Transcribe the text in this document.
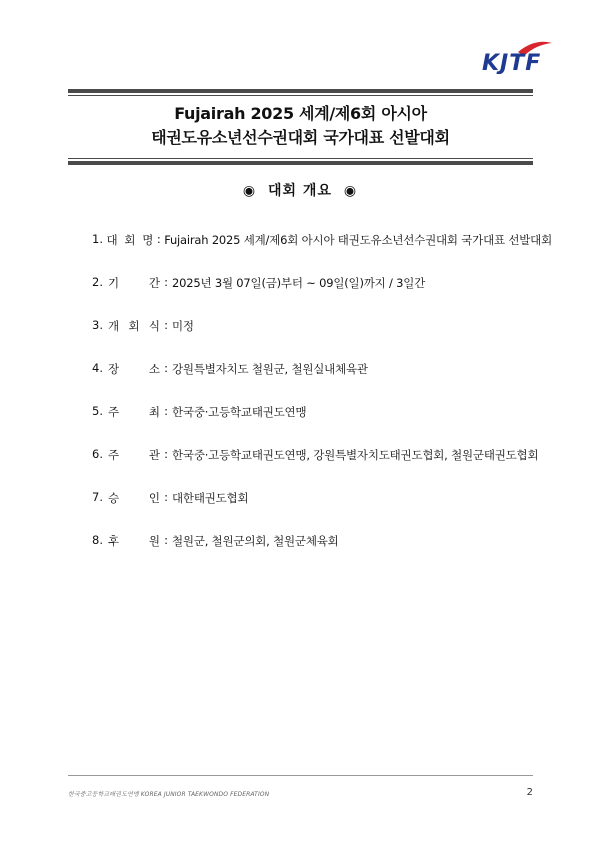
KJTF
Fujairah 2025 세계/제6회 아시아
태권도유소년선수권대회 국가대표 선발대회
◉ 대회 개요 ◉
1. 대 회 명 : Fujairah 2025 세계/제6회 아시아 태권도유소년선수권대회 국가대표 선발대회
2. 기	간 : 2025년 3월 07일(금)부터 ~ 09일(일)까지 / 3일간
3. 개 회 식 : 미정
4. 장	소 : 강원특별자치도 철원군, 철원실내체육관
5. 주	최 : 한국중·고등학교태권도연맹
6. 주	관 : 한국중·고등학교태권도연맹, 강원특별자치도태권도협회, 철원군태권도협회
7. 승	인 : 대한태권도협회
8. 후	원 : 철원군, 철원군의회, 철원군체육회
한국중고등학교태권도연맹 KOREA JUNIOR TAEKWONDO FEDERATION	2
